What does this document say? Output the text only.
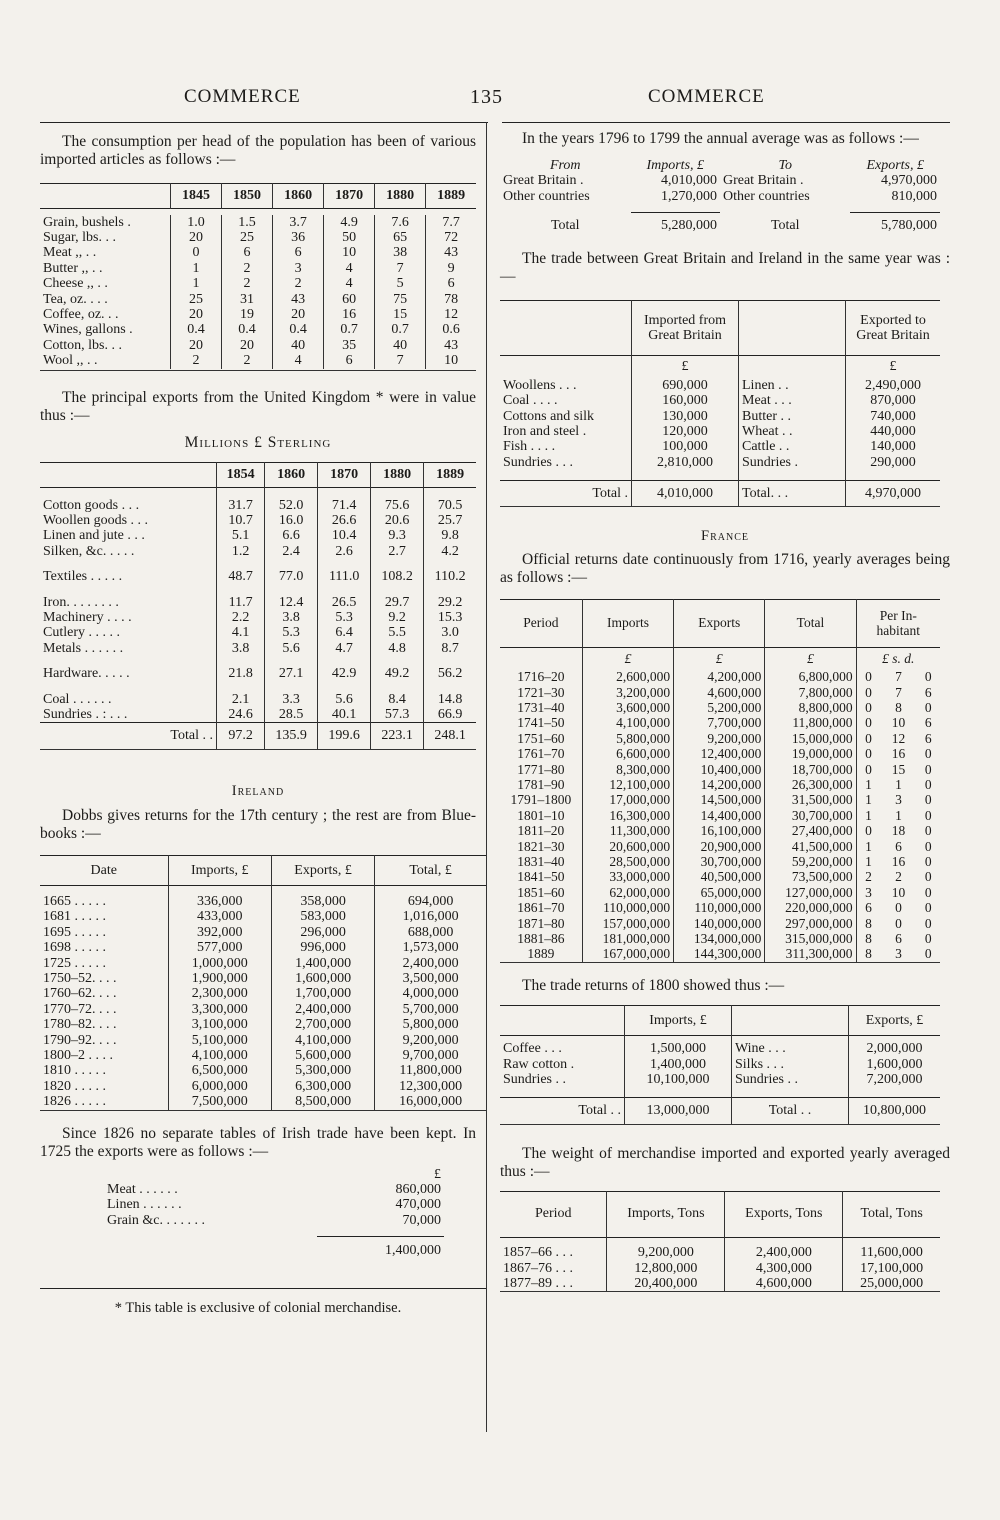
COMMERCE	135	COMMERCE

The consumption per head of the population has been of various imported articles as follows :—

	1845	1850	1860	1870	1880	1889

Grain, bushels .	1.0	1.5	3.7	4.9	7.6	7.7
Sugar, lbs. . .	20	25	36	50	65	72
Meat ,, . .	0	6	6	10	38	43
Butter ,, . .	1	2	3	4	7	9
Cheese ,, . .	1	2	2	4	5	6
Tea, oz. . . .	25	31	43	60	75	78
Coffee, oz. . .	20	19	20	16	15	12
Wines, gallons .	0.4	0.4	0.4	0.7	0.7	0.6
Cotton, lbs. . .	20	20	40	35	40	43
Wool ,, . .	2	2	4	6	7	10

The principal exports from the United Kingdom * were in value thus :—

Millions £ Sterling
	1854	1860	1870	1880	1889

Cotton goods . . .	31.7	52.0	71.4	75.6	70.5
Woollen goods . . .	10.7	16.0	26.6	20.6	25.7
Linen and jute . . .	5.1	6.6	10.4	9.3	9.8
Silken, &c. . . . .	1.2	2.4	2.6	2.7	4.2

Textiles . . . . .	48.7	77.0	111.0	108.2	110.2

Iron. . . . . . . .	11.7	12.4	26.5	29.7	29.2
Machinery . . . .	2.2	3.8	5.3	9.2	15.3
Cutlery . . . . .	4.1	5.3	6.4	5.5	3.0
Metals . . . . . .	3.8	5.6	4.7	4.8	8.7

Hardware. . . . .	21.8	27.1	42.9	49.2	56.2

Coal . . . . . .	2.1	3.3	5.6	8.4	14.8
Sundries . : . . .	24.6	28.5	40.1	57.3	66.9
Total . .	97.2	135.9	199.6	223.1	248.1
Ireland

Dobbs gives returns for the 17th century ; the rest are from Blue-books :—

Date	Imports, £	Exports, £	Total, £

1665 . . . . .	336,000	358,000	694,000
1681 . . . . .	433,000	583,000	1,016,000
1695 . . . . .	392,000	296,000	688,000
1698 . . . . .	577,000	996,000	1,573,000
1725 . . . . .	1,000,000	1,400,000	2,400,000
1750–52. . . .	1,900,000	1,600,000	3,500,000
1760–62. . . .	2,300,000	1,700,000	4,000,000
1770–72. . . .	3,300,000	2,400,000	5,700,000
1780–82. . . .	3,100,000	2,700,000	5,800,000
1790–92. . . .	5,100,000	4,100,000	9,200,000
1800–2 . . . .	4,100,000	5,600,000	9,700,000
1810 . . . . .	6,500,000	5,300,000	11,800,000
1820 . . . . .	6,000,000	6,300,000	12,300,000
1826 . . . . .	7,500,000	8,500,000	16,000,000

Since 1826 no separate tables of Irish trade have been kept. In 1725 the exports were as follows :—

	£
Meat . . . . . .	860,000
Linen . . . . . .	470,000
Grain &c. . . . . . .	70,000

	1,400,000
* This table is exclusive of colonial merchandise.

In the years 1796 to 1799 the annual average was as follows :—

From	Imports, £	To	Exports, £
Great Britain .	4,010,000	Great Britain .	4,970,000
Other countries	1,270,000	Other countries	810,000

Total	5,280,000	Total	5,780,000

The trade between Great Britain and Ireland in the same year was :—

	Imported from Great Britain		Exported to Great Britain
	£		£
Woollens . . .	690,000	Linen . .	2,490,000
Coal . . . .	160,000	Meat . . .	870,000
Cottons and silk	130,000	Butter . .	740,000
Iron and steel .	120,000	Wheat . .	440,000
Fish . . . .	100,000	Cattle . .	140,000
Sundries . . .	2,810,000	Sundries .	290,000

Total .	4,010,000	Total. . .	4,970,000
France

Official returns date continuously from 1716, yearly averages being as follows :—

Period	Imports	Exports	Total	Per In-habitant		
	£	£	£	£ s. d.		
1716–20	2,600,000	4,200,000	6,800,000	0	7	0
1721–30	3,200,000	4,600,000	7,800,000	0	7	6
1731–40	3,600,000	5,200,000	8,800,000	0	8	0
1741–50	4,100,000	7,700,000	11,800,000	0	10	6
1751–60	5,800,000	9,200,000	15,000,000	0	12	6
1761–70	6,600,000	12,400,000	19,000,000	0	16	0
1771–80	8,300,000	10,400,000	18,700,000	0	15	0
1781–90	12,100,000	14,200,000	26,300,000	1	1	0
1791–1800	17,000,000	14,500,000	31,500,000	1	3	0
1801–10	16,300,000	14,400,000	30,700,000	1	1	0
1811–20	11,300,000	16,100,000	27,400,000	0	18	0
1821–30	20,600,000	20,900,000	41,500,000	1	6	0
1831–40	28,500,000	30,700,000	59,200,000	1	16	0
1841–50	33,000,000	40,500,000	73,500,000	2	2	0
1851–60	62,000,000	65,000,000	127,000,000	3	10	0
1861–70	110,000,000	110,000,000	220,000,000	6	0	0
1871–80	157,000,000	140,000,000	297,000,000	8	0	0
1881–86	181,000,000	134,000,000	315,000,000	8	6	0
1889	167,000,000	144,300,000	311,300,000	8	3	0

The trade returns of 1800 showed thus :—

	Imports, £		Exports, £

Coffee . . .	1,500,000	Wine . . .	2,000,000
Raw cotton .	1,400,000	Silks . . .	1,600,000
Sundries . .	10,100,000	Sundries . .	7,200,000

Total . .	13,000,000	Total . .	10,800,000

The weight of merchandise imported and exported yearly averaged thus :—

Period	Imports, Tons	Exports, Tons	Total, Tons

1857–66 . . .	9,200,000	2,400,000	11,600,000
1867–76 . . .	12,800,000	4,300,000	17,100,000
1877–89 . . .	20,400,000	4,600,000	25,000,000
